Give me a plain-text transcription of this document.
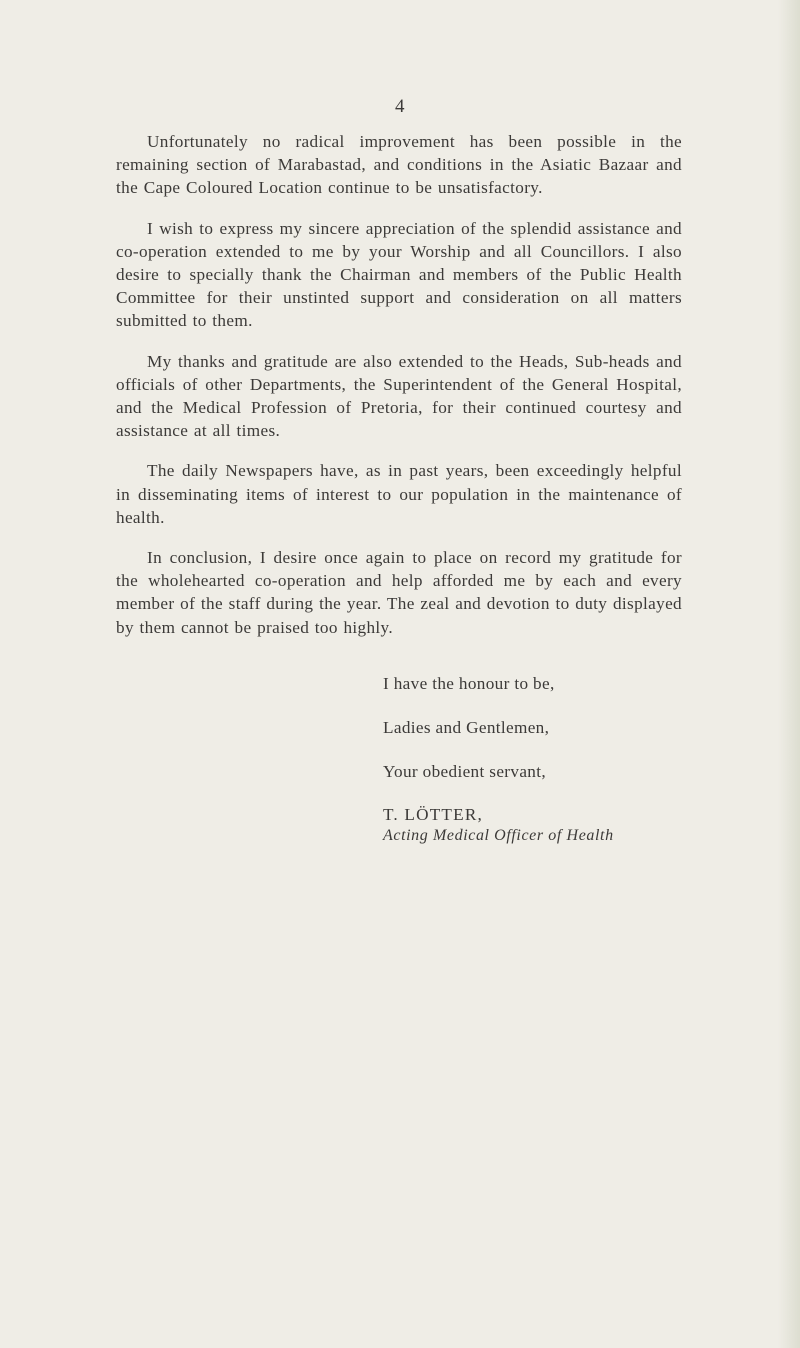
4

Unfortunately no radical improvement has been possible in the remaining section of Marabastad, and conditions in the Asiatic Bazaar and the Cape Coloured Location continue to be unsatisfactory.

I wish to express my sincere appreciation of the splendid assistance and co-operation extended to me by your Worship and all Councillors. I also desire to specially thank the Chairman and members of the Public Health Committee for their unstinted support and consideration on all matters submitted to them.

My thanks and gratitude are also extended to the Heads, Sub-heads and officials of other Departments, the Superintendent of the General Hospital, and the Medical Profession of Pretoria, for their continued courtesy and assistance at all times.

The daily Newspapers have, as in past years, been exceedingly helpful in disseminating items of interest to our population in the maintenance of health.

In conclusion, I desire once again to place on record my gratitude for the wholehearted co-operation and help afforded me by each and every member of the staff during the year. The zeal and devotion to duty displayed by them cannot be praised too highly.

I have the honour to be,
Ladies and Gentlemen,
Your obedient servant,
T. LÖTTER,
Acting Medical Officer of Health
